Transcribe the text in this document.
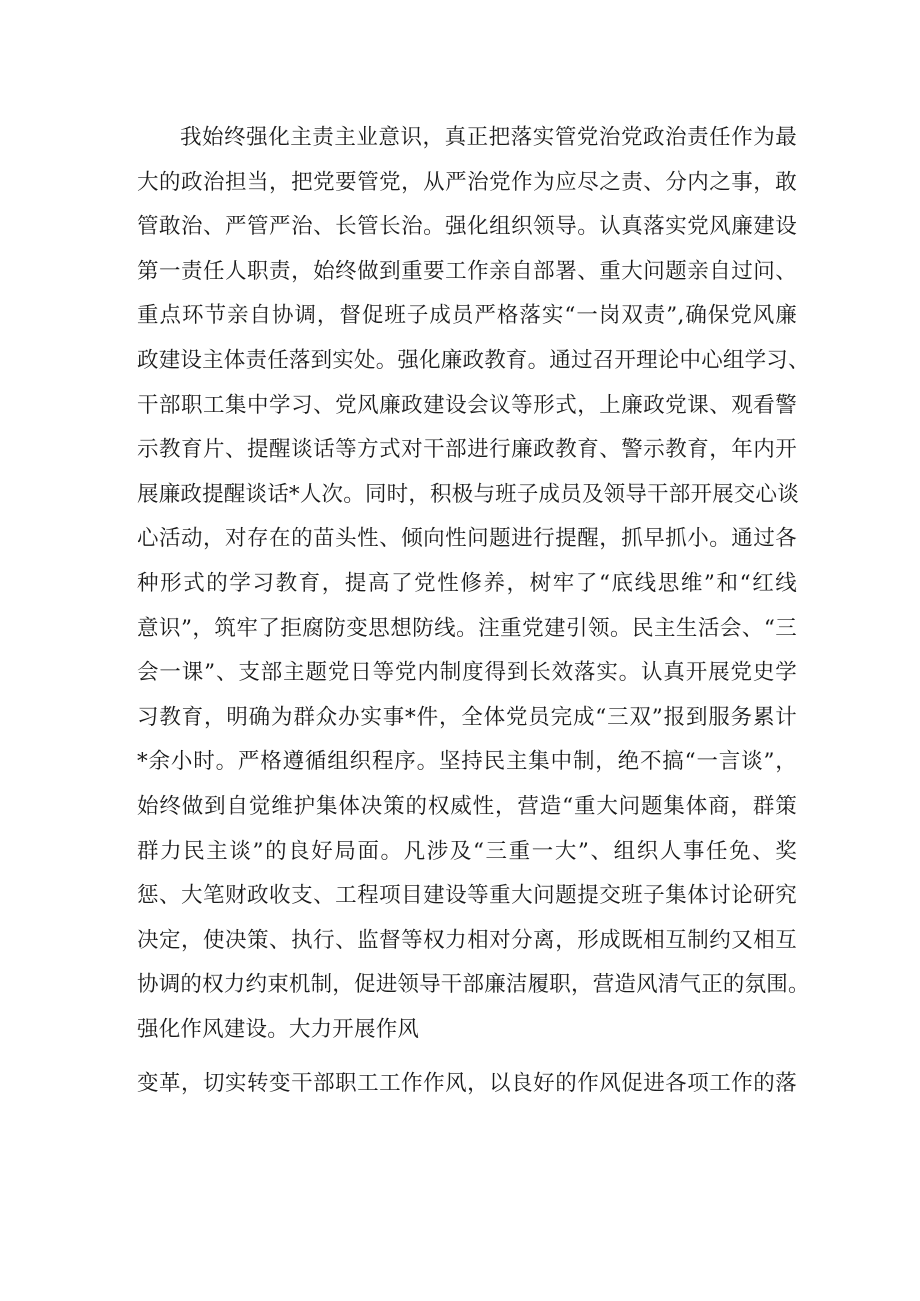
我始终强化主责主业意识，真正把落实管党治党政治责任作为最
大的政治担当，把党要管党，从严治党作为应尽之责、分内之事，敢
管敢治、严管严治、长管长治。强化组织领导。认真落实党风廉建设
第一责任人职责，始终做到重要工作亲自部署、重大问题亲自过问、
重点环节亲自协调，督促班子成员严格落实“一岗双责”,确保党风廉
政建设主体责任落到实处。强化廉政教育。通过召开理论中心组学习、
干部职工集中学习、党风廉政建设会议等形式，上廉政党课、观看警
示教育片、提醒谈话等方式对干部进行廉政教育、警示教育，年内开
展廉政提醒谈话*人次。同时，积极与班子成员及领导干部开展交心谈
心活动，对存在的苗头性、倾向性问题进行提醒，抓早抓小。通过各
种形式的学习教育，提高了党性修养，树牢了“底线思维”和“红线
意识”，筑牢了拒腐防变思想防线。注重党建引领。民主生活会、“三
会一课”、支部主题党日等党内制度得到长效落实。认真开展党史学
习教育，明确为群众办实事*件，全体党员完成“三双”报到服务累计
*余小时。严格遵循组织程序。坚持民主集中制，绝不搞“一言谈”，
始终做到自觉维护集体决策的权威性，营造“重大问题集体商，群策
群力民主谈”的良好局面。凡涉及“三重一大”、组织人事任免、奖
惩、大笔财政收支、工程项目建设等重大问题提交班子集体讨论研究
决定，使决策、执行、监督等权力相对分离，形成既相互制约又相互
协调的权力约束机制，促进领导干部廉洁履职，营造风清气正的氛围。
强化作风建设。大力开展作风
变革，切实转变干部职工工作作风，以良好的作风促进各项工作的落
